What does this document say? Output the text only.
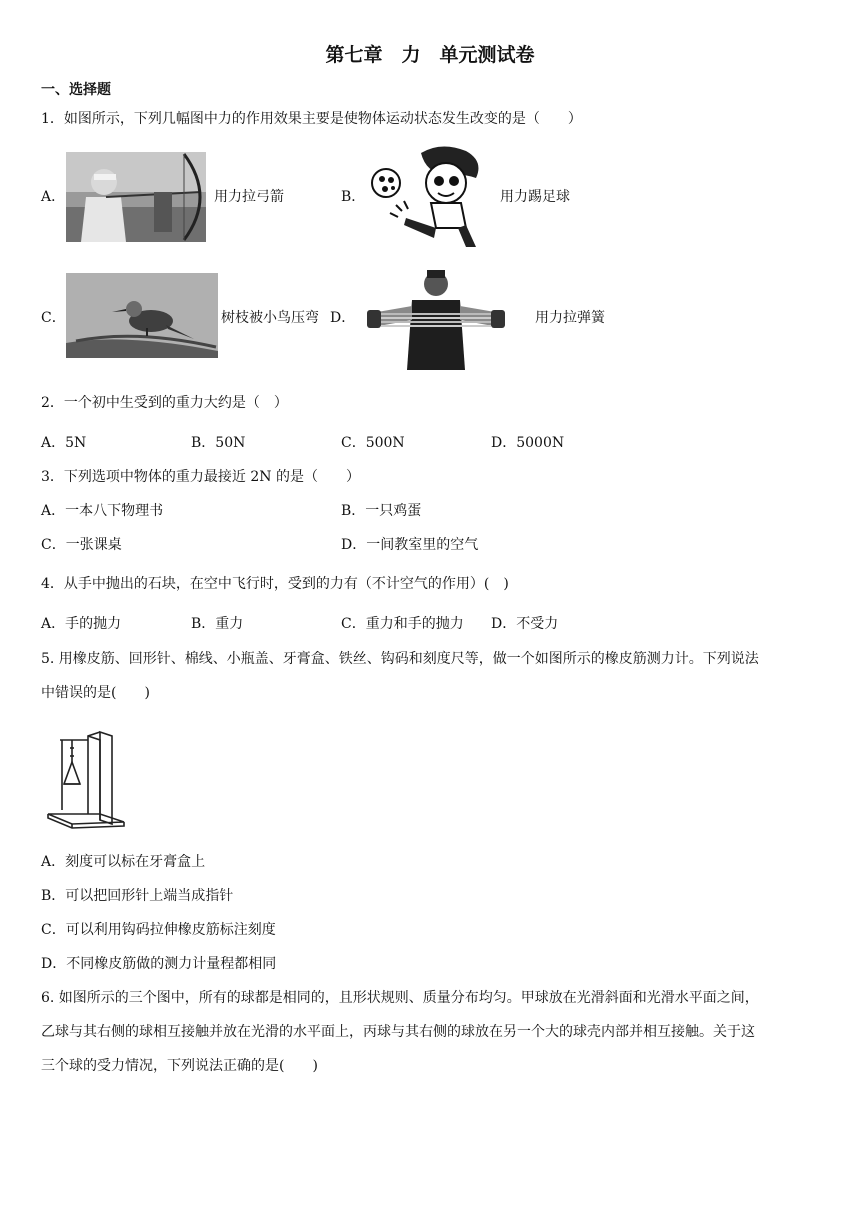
第七章　力　单元测试卷
一、选择题
1．如图所示，下列几幅图中力的作用效果主要是使物体运动状态发生改变的是（　　）
A．	用力拉弓箭	B．	用力踢足球
C．	树枝被小鸟压弯 D．	用力拉弹簧
2．一个初中生受到的重力大约是（　）
A．5N	B．50N	C．500N	D．5000N
3．下列选项中物体的重力最接近 2N 的是（　　）
A．一本八下物理书	B．一只鸡蛋
C．一张课桌	D．一间教室里的空气
4．从手中抛出的石块，在空中飞行时，受到的力有（不计空气的作用）(　)
A．手的抛力	B．重力	C．重力和手的抛力 D．不受力
5. 用橡皮筋、回形针、棉线、小瓶盖、牙膏盒、铁丝、钩码和刻度尺等，做一个如图所示的橡皮筋测力计。下列说法
中错误的是(　　)
A．刻度可以标在牙膏盒上
B．可以把回形针上端当成指针
C．可以利用钩码拉伸橡皮筋标注刻度
D．不同橡皮筋做的测力计量程都相同
6. 如图所示的三个图中，所有的球都是相同的，且形状规则、质量分布均匀。甲球放在光滑斜面和光滑水平面之间，
乙球与其右侧的球相互接触并放在光滑的水平面上，丙球与其右侧的球放在另一个大的球壳内部并相互接触。关于这
三个球的受力情况，下列说法正确的是(　　)
